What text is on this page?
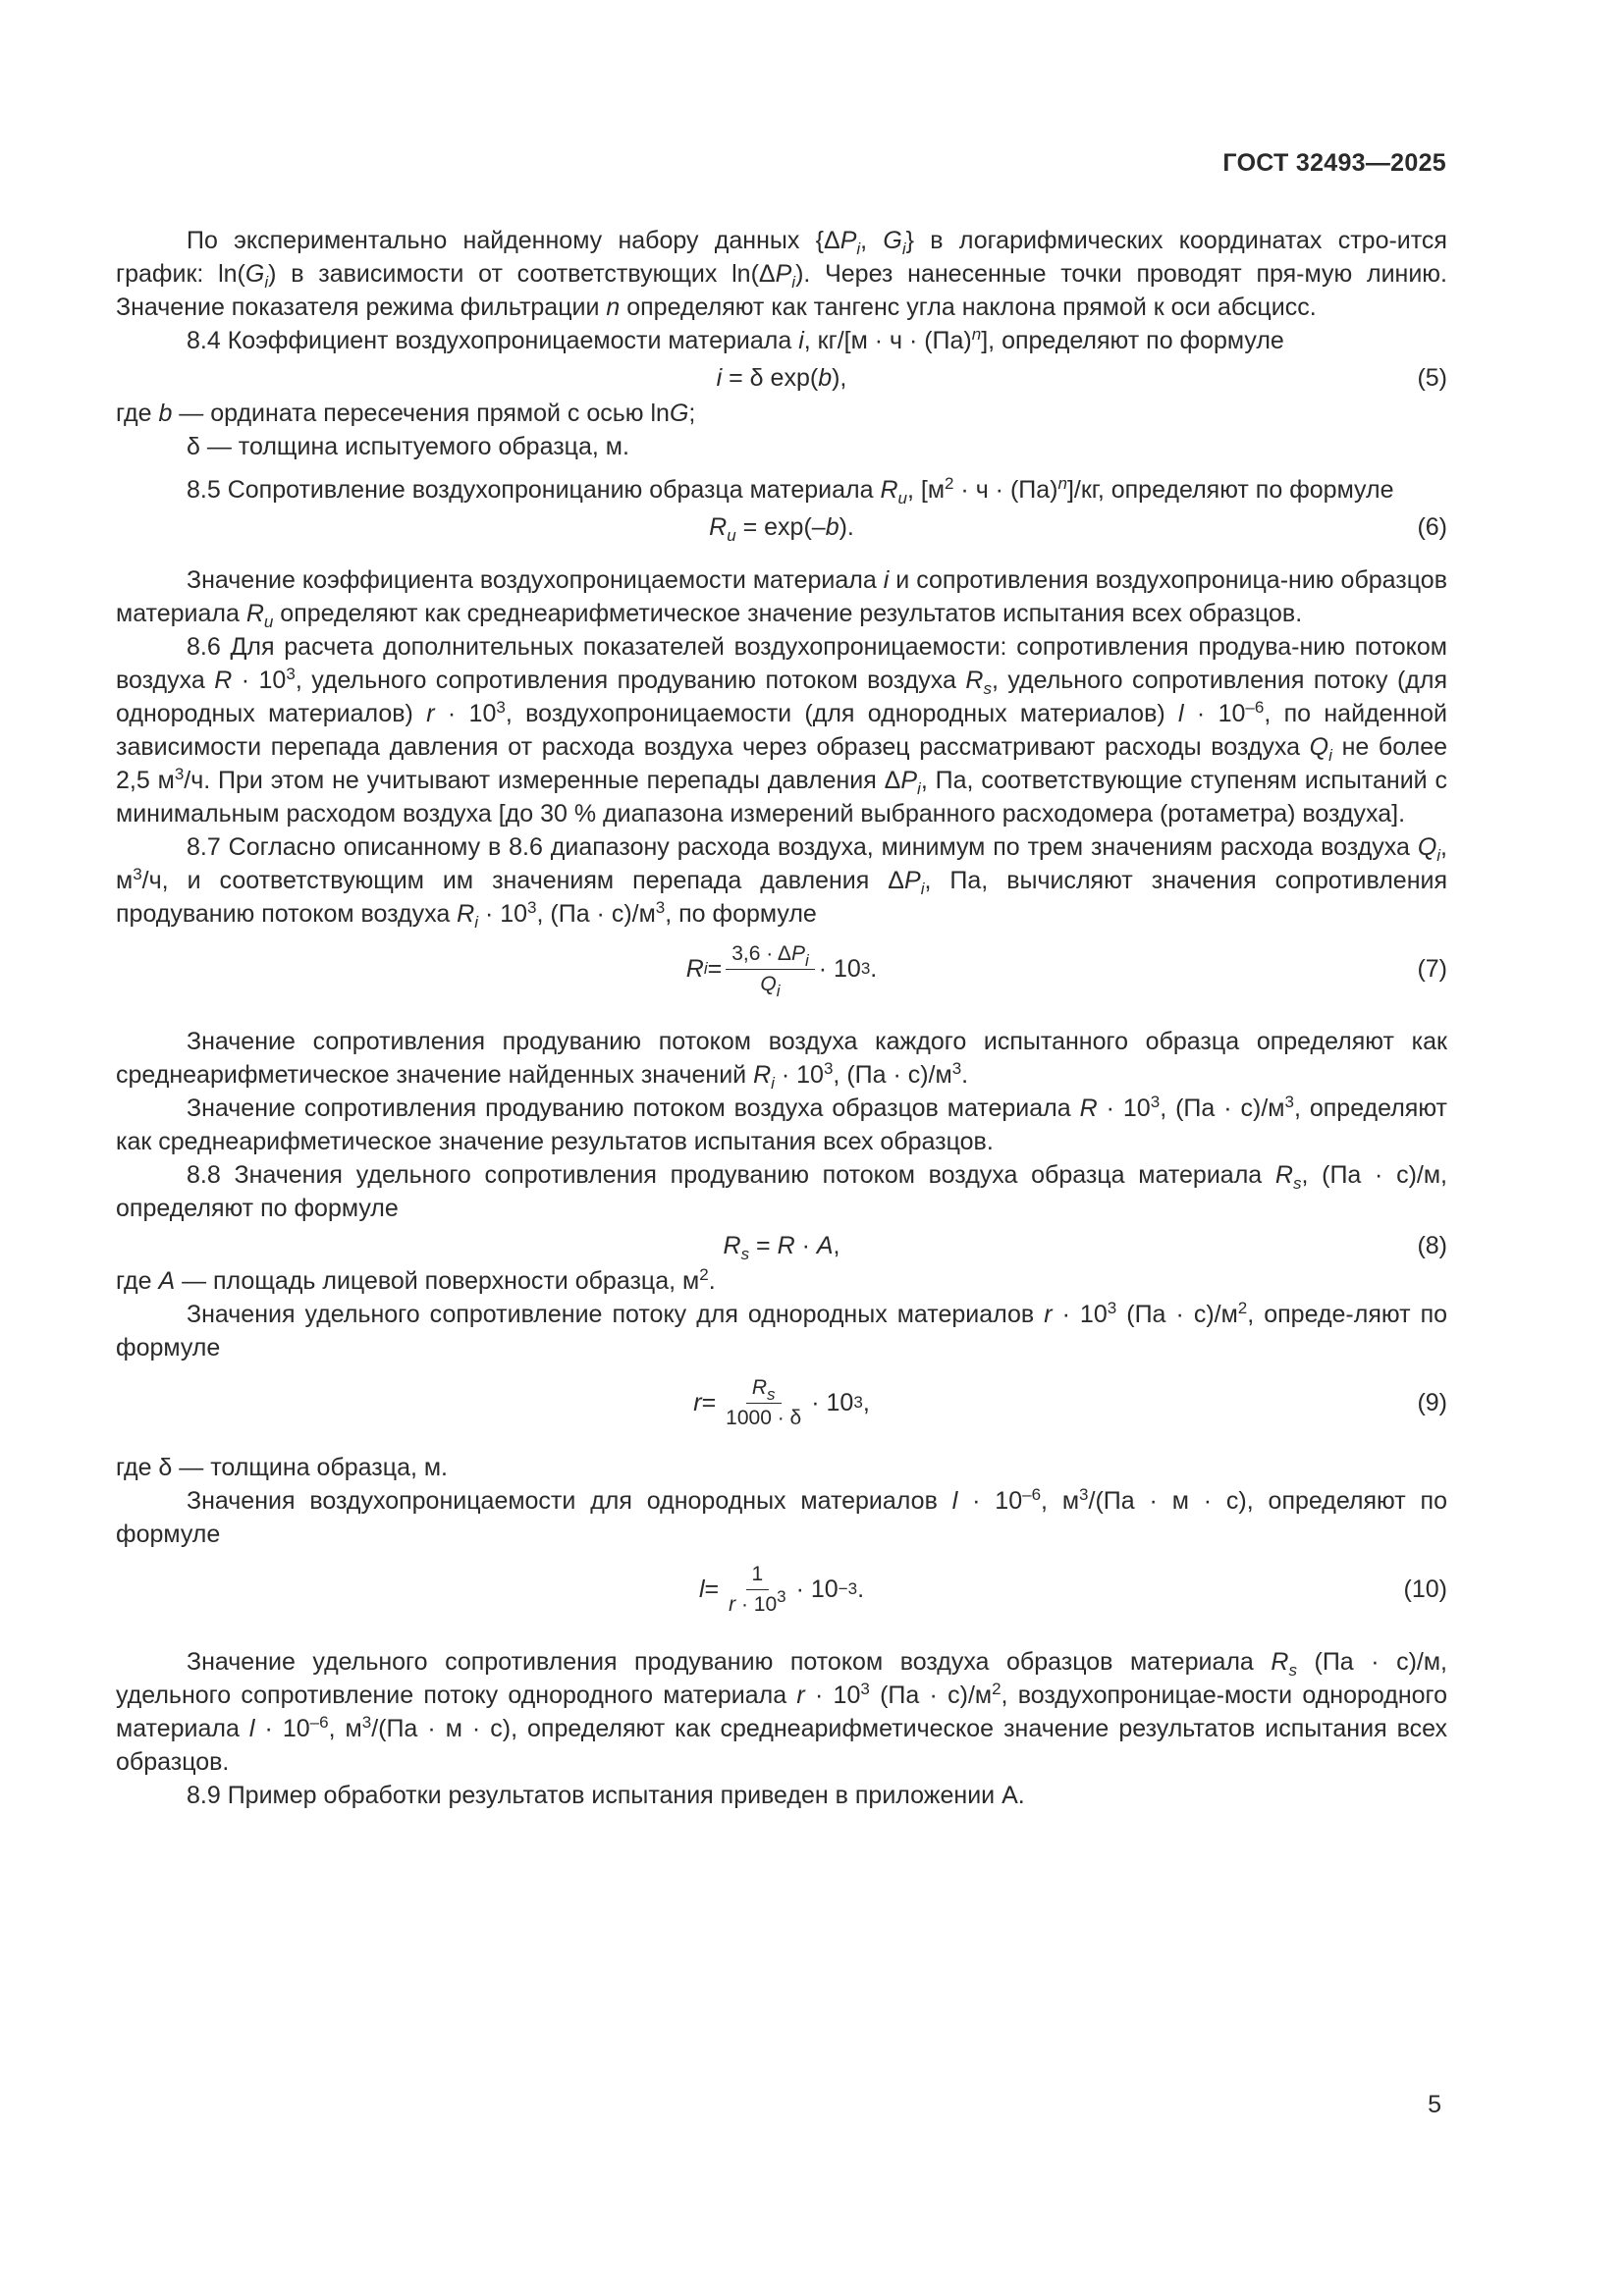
ГОСТ 32493—2025

По экспериментально найденному набору данных {$\Delta P_i$, $G_i$} в логарифмических координатах стро-ится график: $\ln(G_i)$ в зависимости от соответствующих $\ln(\Delta P_i)$. Через нанесенные точки проводят пря-мую линию. Значение показателя режима фильтрации n определяют как тангенс угла наклона прямой к оси абсцисс.

8.4 Коэффициент воздухопроницаемости материала i, кг/[м · ч · (Па)$^n$], определяют по формуле

i = δ exp(b),	(5)

где b — ордината пересечения прямой с осью lnG;

δ — толщина испытуемого образца, м.

8.5 Сопротивление воздухопроницанию образца материала $R_u$, $[м^2 \cdot ч \cdot (Па)^n]/кг$, определяют по формуле

$R_u = \exp(-b)$.	(6)

Значение коэффициента воздухопроницаемости материала i и сопротивления воздухопроница-нию образцов материала $R_u$ определяют как среднеарифметическое значение результатов испытания всех образцов.

8.6 Для расчета дополнительных показателей воздухопроницаемости: сопротивления продува-нию потоком воздуха $R \cdot 10^3$, удельного сопротивления продуванию потоком воздуха $R_s$, удельного сопротивления потоку (для однородных материалов) $r \cdot 10^3$, воздухопроницаемости (для однородных материалов) $l \cdot 10^{-6}$, по найденной зависимости перепада давления от расхода воздуха через образец рассматривают расходы воздуха $Q_i$ не более 2,5 $м^3/ч$. При этом не учитывают измеренные перепады давления $\Delta P_i$, Па, соответствующие ступеням испытаний с минимальным расходом воздуха [до 30 % диапазона измерений выбранного расходомера (ротаметра) воздуха].

8.7 Согласно описанному в 8.6 диапазону расхода воздуха, минимум по трем значениям расхода воздуха $Q_i$, $м^3/ч$, и соответствующим им значениям перепада давления $\Delta P_i$, Па, вычисляют значения сопротивления продуванию потоком воздуха $R_i \cdot 10^3$, $(Па \cdot с)/м^3$, по формуле

R $i = \frac{3,6 \cdot \Delta P_i}{Q_i} \cdot 10$ 3 .	(7)

Значение сопротивления продуванию потоком воздуха каждого испытанного образца определяют как среднеарифметическое значение найденных значений $R_i \cdot 10^3$, $(Па \cdot с)/м^3$.

Значение сопротивления продуванию потоком воздуха образцов материала $R \cdot 10^3$, $(Па \cdot с)/м^3$, определяют как среднеарифметическое значение результатов испытания всех образцов.

8.8 Значения удельного сопротивления продуванию потоком воздуха образца материала $R_s$, (Па · с)/м, определяют по формуле

$R_s = R \cdot A$,	(8)

где A — площадь лицевой поверхности образца, $м^2$.

Значения удельного сопротивление потоку для однородных материалов $r \cdot 10^3$ $(Па \cdot с)/м^2$, опреде-ляют по формуле

$r = \frac{R_s}{1000 \cdot \delta} \cdot 10$ 3 ,	(9)

где δ — толщина образца, м.

Значения воздухопроницаемости для однородных материалов $l \cdot 10^{-6}$, $м^3/(Па \cdot м \cdot с)$, определяют по формуле

$l = \frac{1}{r \cdot 10^3} \cdot 10 -3$ .	(10)

Значение удельного сопротивления продуванию потоком воздуха образцов материала $R_s$ (Па · с)/м, удельного сопротивление потоку однородного материала $r \cdot 10^3$ $(Па \cdot с)/м^2$, воздухопроницае-мости однородного материала $l \cdot 10^{-6}$, $м^3/(Па \cdot м \cdot с)$, определяют как среднеарифметическое значение результатов испытания всех образцов.

8.9 Пример обработки результатов испытания приведен в приложении А.

5
